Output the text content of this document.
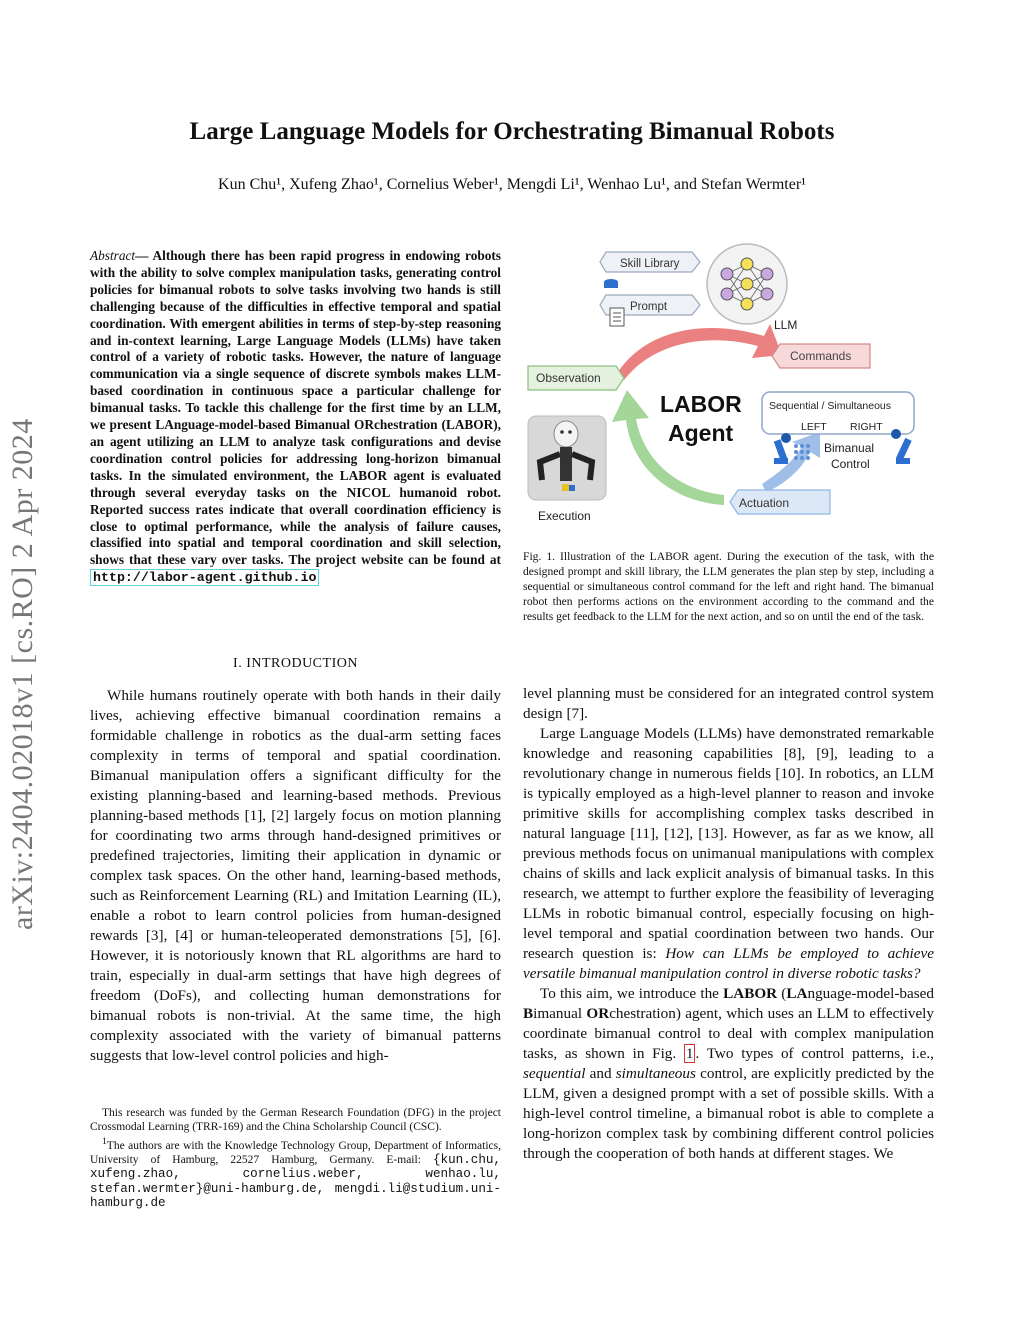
Large Language Models for Orchestrating Bimanual Robots
Kun Chu¹, Xufeng Zhao¹, Cornelius Weber¹, Mengdi Li¹, Wenhao Lu¹, and Stefan Wermter¹
arXiv:2404.02018v1 [cs.RO] 2 Apr 2024
Abstract— Although there has been rapid progress in endowing robots with the ability to solve complex manipulation tasks, generating control policies for bimanual robots to solve tasks involving two hands is still challenging because of the difficulties in effective temporal and spatial coordination. With emergent abilities in terms of step-by-step reasoning and in-context learning, Large Language Models (LLMs) have taken control of a variety of robotic tasks. However, the nature of language communication via a single sequence of discrete symbols makes LLM-based coordination in continuous space a particular challenge for bimanual tasks. To tackle this challenge for the first time by an LLM, we present LAnguage-model-based Bimanual ORchestration (LABOR), an agent utilizing an LLM to analyze task configurations and devise coordination control policies for addressing long-horizon bimanual tasks. In the simulated environment, the LABOR agent is evaluated through several everyday tasks on the NICOL humanoid robot. Reported success rates indicate that overall coordination efficiency is close to optimal performance, while the analysis of failure causes, classified into spatial and temporal coordination and skill selection, shows that these vary over tasks. The project website can be found at http://labor-agent.github.io
Skill Library
Prompt
LLM
Commands
Observation
LABOR
Agent
Sequential / Simultaneous
LEFT RIGHT
Bimanual
Control
Execution
Actuation
Fig. 1. Illustration of the LABOR agent. During the execution of the task, with the designed prompt and skill library, the LLM generates the plan step by step, including a sequential or simultaneous control command for the left and right hand. The bimanual robot then performs actions on the environment according to the command and the results get feedback to the LLM for the next action, and so on until the end of the task.
I. INTRODUCTION

While humans routinely operate with both hands in their daily lives, achieving effective bimanual coordination remains a formidable challenge in robotics as the dual-arm setting faces complexity in terms of temporal and spatial coordination. Bimanual manipulation offers a significant difficulty for the existing planning-based and learning-based methods. Previous planning-based methods [1], [2] largely focus on motion planning for coordinating two arms through hand-designed primitives or predefined trajectories, limiting their application in dynamic or complex task spaces. On the other hand, learning-based methods, such as Reinforcement Learning (RL) and Imitation Learning (IL), enable a robot to learn control policies from human-designed rewards [3], [4] or human-teleoperated demonstrations [5], [6]. However, it is notoriously known that RL algorithms are hard to train, especially in dual-arm settings that have high degrees of freedom (DoFs), and collecting human demonstrations for bimanual robots is non-trivial. At the same time, the high complexity associated with the variety of bimanual patterns suggests that low-level control policies and high-

level planning must be considered for an integrated control system design [7].

Large Language Models (LLMs) have demonstrated remarkable knowledge and reasoning capabilities [8], [9], leading to a revolutionary change in numerous fields [10]. In robotics, an LLM is typically employed as a high-level planner to reason and invoke primitive skills for accomplishing complex tasks described in natural language [11], [12], [13]. However, as far as we know, all previous methods focus on unimanual manipulations with complex chains of skills and lack explicit analysis of bimanual tasks. In this research, we attempt to further explore the feasibility of leveraging LLMs in robotic bimanual control, especially focusing on high-level temporal and spatial coordination between two hands. Our research question is: How can LLMs be employed to achieve versatile bimanual manipulation control in diverse robotic tasks?

To this aim, we introduce the LABOR (LAnguage-model-based Bimanual ORchestration) agent, which uses an LLM to effectively coordinate bimanual control to deal with complex manipulation tasks, as shown in Fig. 1 . Two types of control patterns, i.e., sequential and simultaneous control, are explicitly predicted by the LLM, given a designed prompt with a set of possible skills. With a high-level control timeline, a bimanual robot is able to complete a long-horizon complex task by combining different control policies through the cooperation of both hands at different stages. We

This research was funded by the German Research Foundation (DFG) in the project Crossmodal Learning (TRR-169) and the China Scholarship Council (CSC).

$^1$The authors are with the Knowledge Technology Group, Department of Informatics, University of Hamburg, 22527 Hamburg, Germany. E-mail: {kun.chu, xufeng.zhao, cornelius.weber, wenhao.lu, stefan.wermter}@uni-hamburg.de, mengdi.li@studium.uni-hamburg.de
